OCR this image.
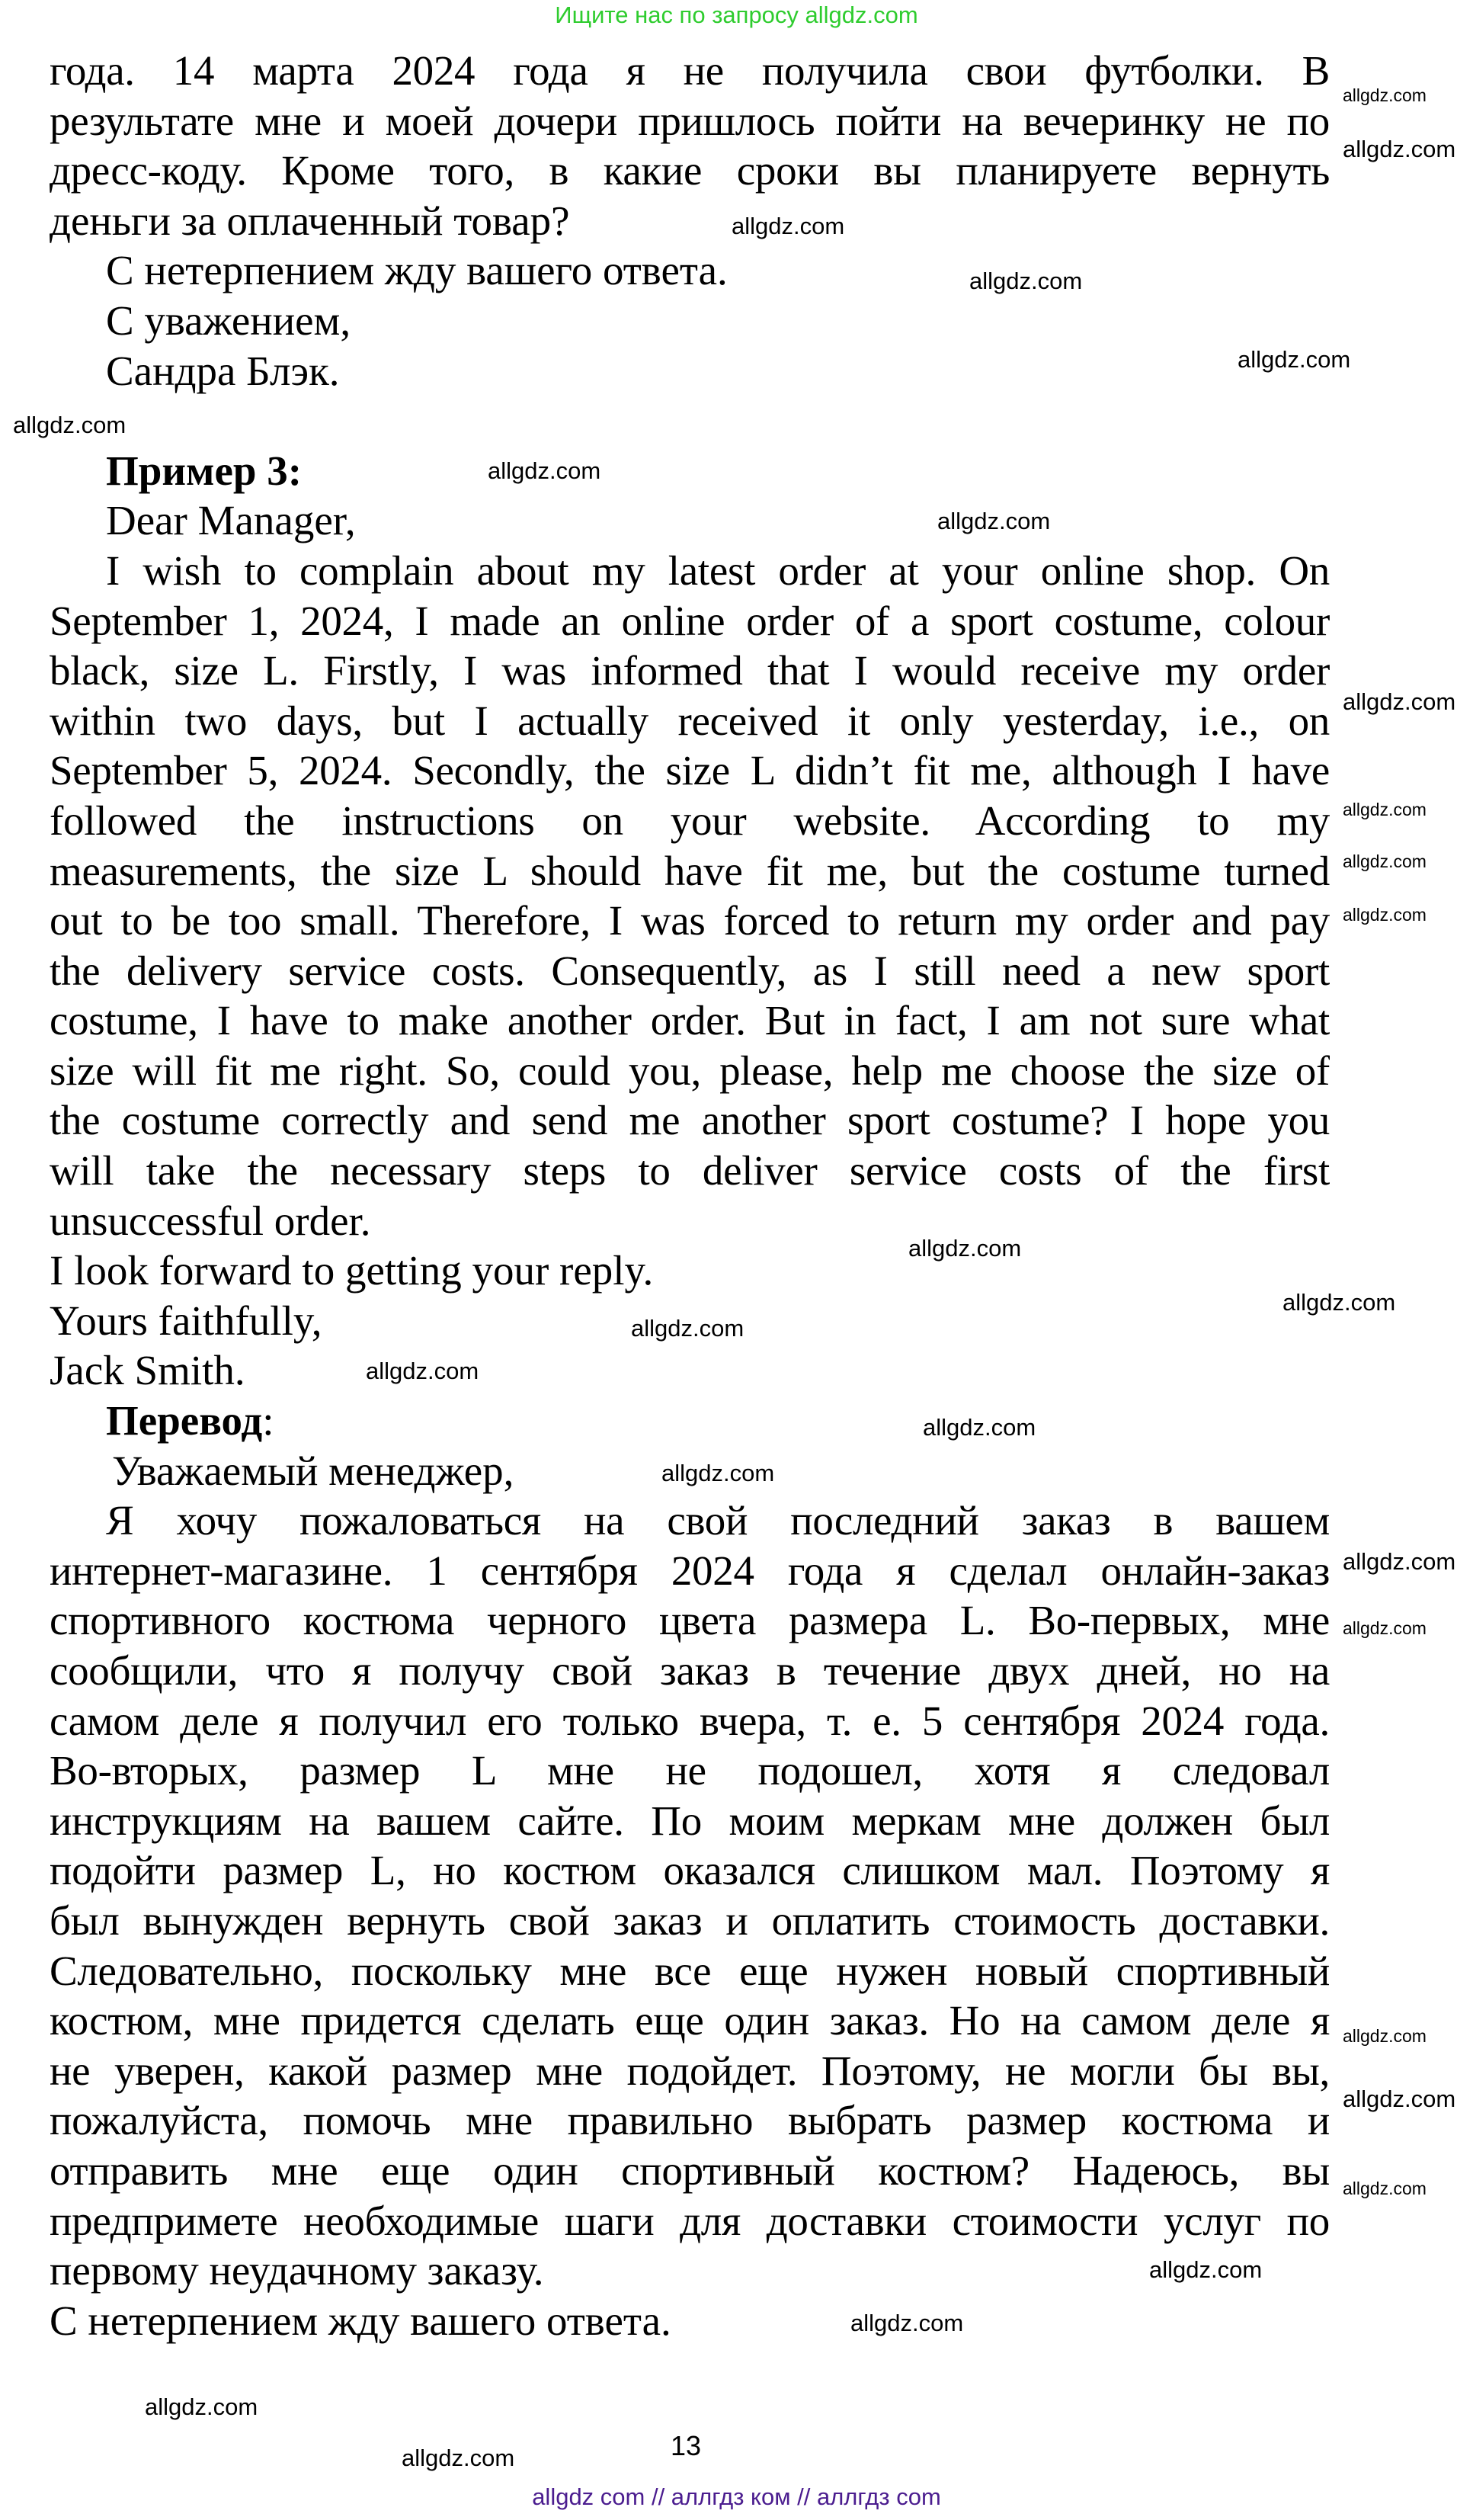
Ищите нас по запросу allgdz.com
года. 14 марта 2024 года я не получила свои футболки. В
результате мне и моей дочери пришлось пойти на вечеринку не по
дресс-коду. Кроме того, в какие сроки вы планируете вернуть
деньги за оплаченный товар?
С нетерпением жду вашего ответа.
С уважением,
Сандра Блэк.
Пример 3:
Dear Manager,
I wish to complain about my latest order at your online shop. On
September 1, 2024, I made an online order of a sport costume, colour
black, size L. Firstly, I was informed that I would receive my order
within two days, but I actually received it only yesterday, i.e., on
September 5, 2024. Secondly, the size L didn’t fit me, although I have
followed the instructions on your website. According to my
measurements, the size L should have fit me, but the costume turned
out to be too small. Therefore, I was forced to return my order and pay
the delivery service costs. Consequently, as I still need a new sport
costume, I have to make another order. But in fact, I am not sure what
size will fit me right. So, could you, please, help me choose the size of
the costume correctly and send me another sport costume? I hope you
will take the necessary steps to deliver service costs of the first
unsuccessful order.
I look forward to getting your reply.
Yours faithfully,
Jack Smith.
Перевод:
Уважаемый менеджер,
Я хочу пожаловаться на свой последний заказ в вашем
интернет-магазине. 1 сентября 2024 года я сделал онлайн-заказ
спортивного костюма черного цвета размера L. Во-первых, мне
сообщили, что я получу свой заказ в течение двух дней, но на
самом деле я получил его только вчера, т. е. 5 сентября 2024 года.
Во-вторых, размер L мне не подошел, хотя я следовал
инструкциям на вашем сайте. По моим меркам мне должен был
подойти размер L, но костюм оказался слишком мал. Поэтому я
был вынужден вернуть свой заказ и оплатить стоимость доставки.
Следовательно, поскольку мне все еще нужен новый спортивный
костюм, мне придется сделать еще один заказ. Но на самом деле я
не уверен, какой размер мне подойдет. Поэтому, не могли бы вы,
пожалуйста, помочь мне правильно выбрать размер костюма и
отправить мне еще один спортивный костюм? Надеюсь, вы
предпримете необходимые шаги для доставки стоимости услуг по
первому неудачному заказу.
С нетерпением жду вашего ответа.
allgdz.com
allgdz.com
allgdz.com
allgdz.com
allgdz.com
allgdz.com
allgdz.com
allgdz.com
allgdz.com
allgdz.com
allgdz.com
allgdz.com
allgdz.com
allgdz.com
allgdz.com
allgdz.com
allgdz.com
allgdz.com
allgdz.com
allgdz.com
allgdz.com
allgdz.com
allgdz.com
allgdz.com
allgdz.com
allgdz.com
allgdz.com	13
allgdz com // аллгдз ком // аллгдз com
